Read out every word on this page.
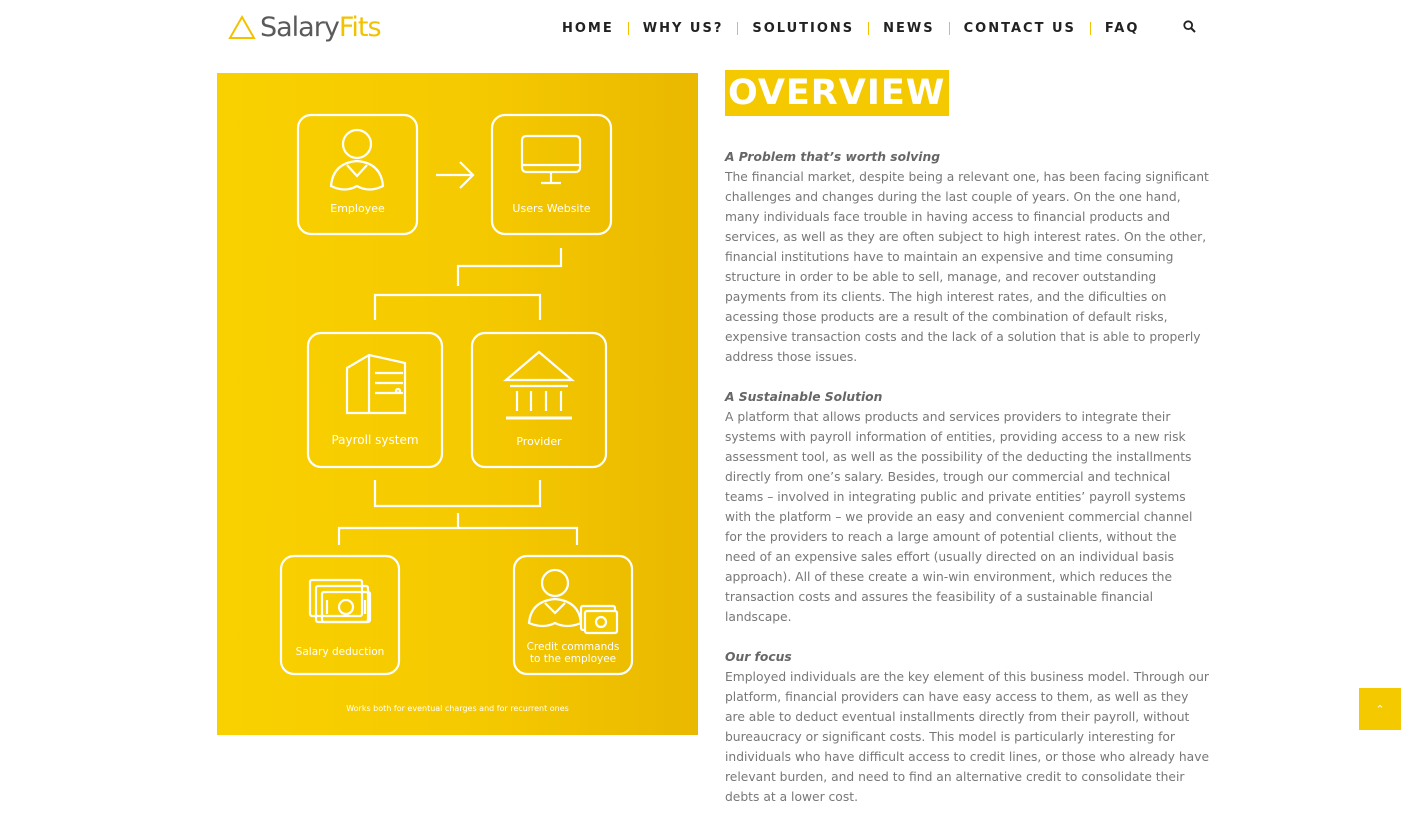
SalaryFits	HOME	WHY US?	SOLUTIONS	NEWS	CONTACT US	FAQ
Employee	Users Website
Payroll system	Provider
Salary deduction	Credit commands
to the employee
Works both for eventual charges and for recurrent ones
OVERVIEW
A Problem that’s worth solving

The financial market, despite being a relevant one, has been facing significant challenges and changes during the last couple of years. On the one hand, many individuals face trouble in having access to financial products and services, as well as they are often subject to high interest rates. On the other, financial institutions have to maintain an expensive and time consuming structure in order to be able to sell, manage, and recover outstanding payments from its clients. The high interest rates, and the dificulties on acessing those products are a result of the combination of default risks, expensive transaction costs and the lack of a solution that is able to properly address those issues.

A Sustainable Solution

A platform that allows products and services providers to integrate their systems with payroll information of entities, providing access to a new risk assessment tool, as well as the possibility of the deducting the installments directly from one’s salary. Besides, trough our commercial and technical teams – involved in integrating public and private entities’ payroll systems with the platform – we provide an easy and convenient commercial channel for the providers to reach a large amount of potential clients, without the need of an expensive sales effort (usually directed on an individual basis approach). All of these create a win-win environment, which reduces the transaction costs and assures the feasibility of a sustainable financial landscape.

Our focus

Employed individuals are the key element of this business model. Through our platform, financial providers can have easy access to them, as well as they are able to deduct eventual installments directly from their payroll, without bureaucracy or significant costs. This model is particularly interesting for individuals who have difficult access to credit lines, or those who already have relevant burden, and need to find an alternative credit to consolidate their debts at a lower cost.

⌃
